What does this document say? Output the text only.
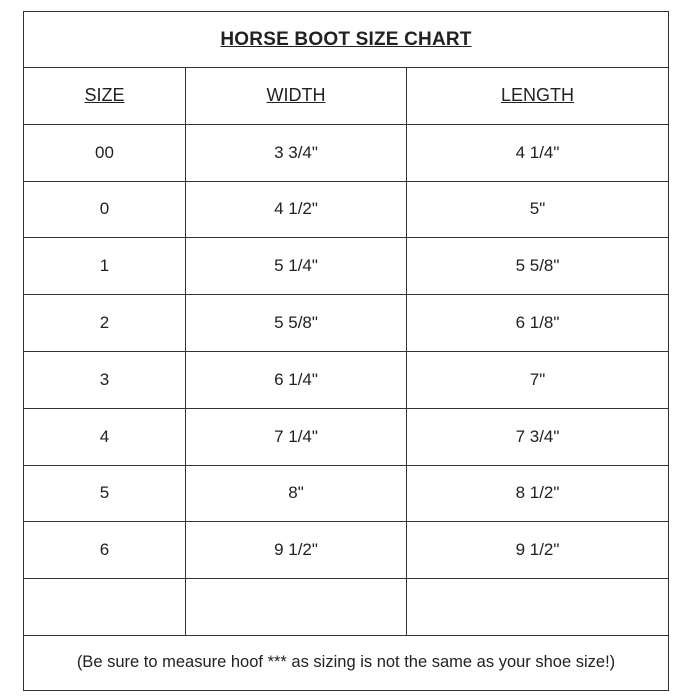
HORSE BOOT SIZE CHART
SIZE	WIDTH	LENGTH
00	3 3/4"	4 1/4"
0	4 1/2"	5"
1	5 1/4"	5 5/8"
2	5 5/8"	6 1/8"
3	6 1/4"	7"
4	7 1/4"	7 3/4"
5	8"	8 1/2"
6	9 1/2"	9 1/2"
(Be sure to measure hoof *** as sizing is not the same as your shoe size!)
